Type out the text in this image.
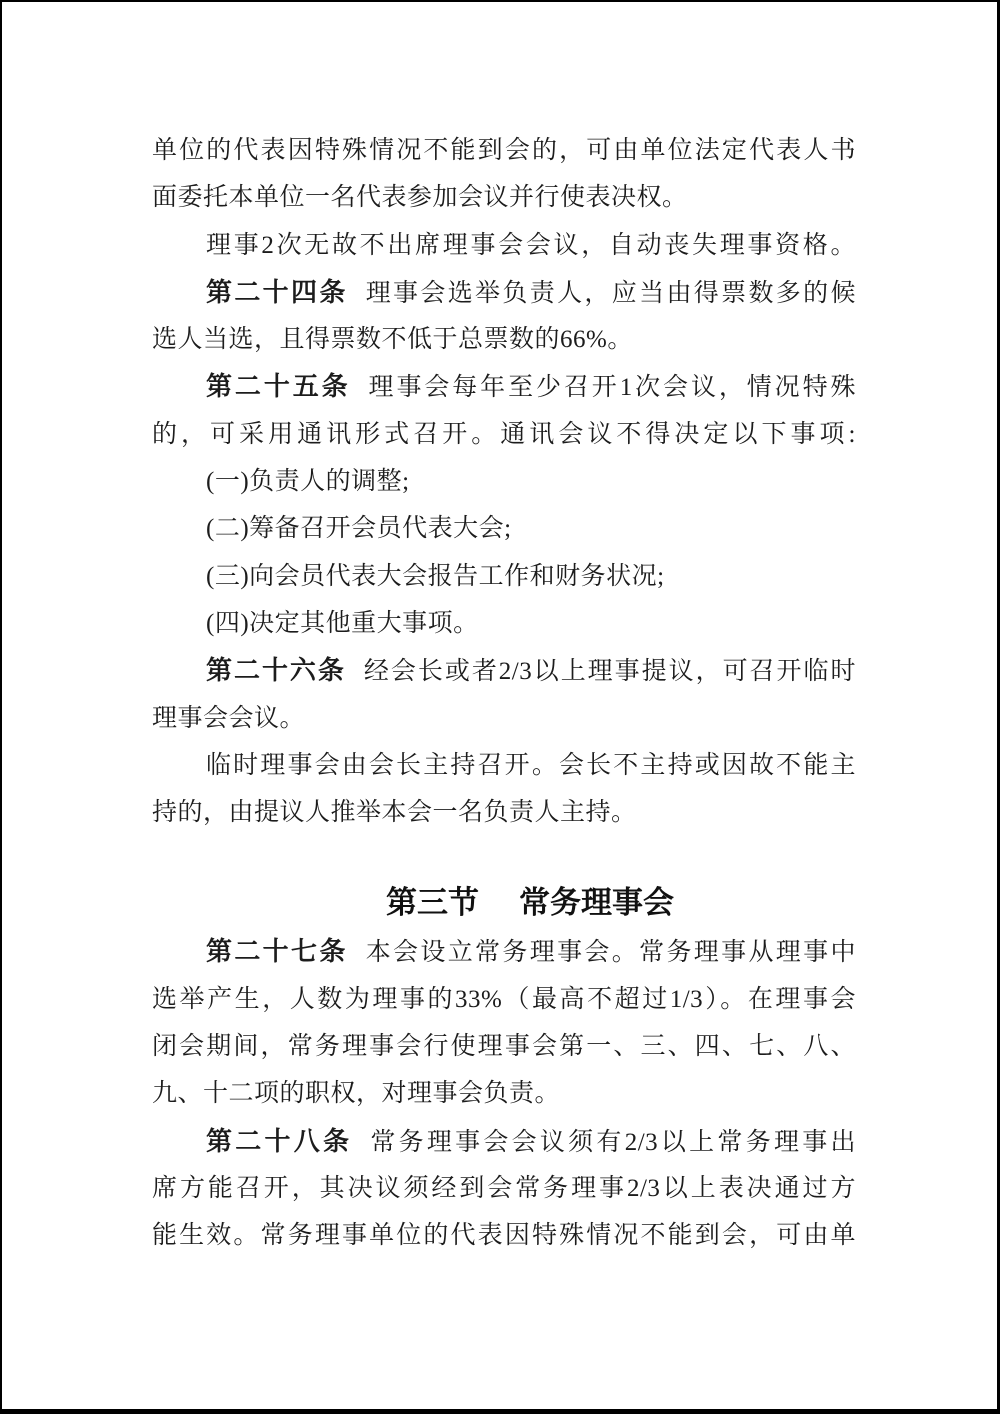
单位的代表因特殊情况不能到会的，可由单位法定代表人书
面委托本单位一名代表参加会议并行使表决权。
理事2次无故不出席理事会会议，自动丧失理事资格。
第二十四条 理事会选举负责人，应当由得票数多的候
选人当选，且得票数不低于总票数的66%。
第二十五条 理事会每年至少召开1次会议，情况特殊
的，可采用通讯形式召开。通讯会议不得决定以下事项:
(一)负责人的调整;
(二)筹备召开会员代表大会;
(三)向会员代表大会报告工作和财务状况;
(四)决定其他重大事项。
第二十六条 经会长或者2/3以上理事提议，可召开临时
理事会会议。
临时理事会由会长主持召开。会长不主持或因故不能主
持的，由提议人推举本会一名负责人主持。
第三节 常务理事会
第二十七条 本会设立常务理事会。常务理事从理事中
选举产生，人数为理事的33%（最高不超过1/3）。在理事会
闭会期间，常务理事会行使理事会第一、三、四、七、八、
九、十二项的职权，对理事会负责。
第二十八条 常务理事会会议须有2/3以上常务理事出
席方能召开，其决议须经到会常务理事2/3以上表决通过方
能生效。常务理事单位的代表因特殊情况不能到会，可由单
